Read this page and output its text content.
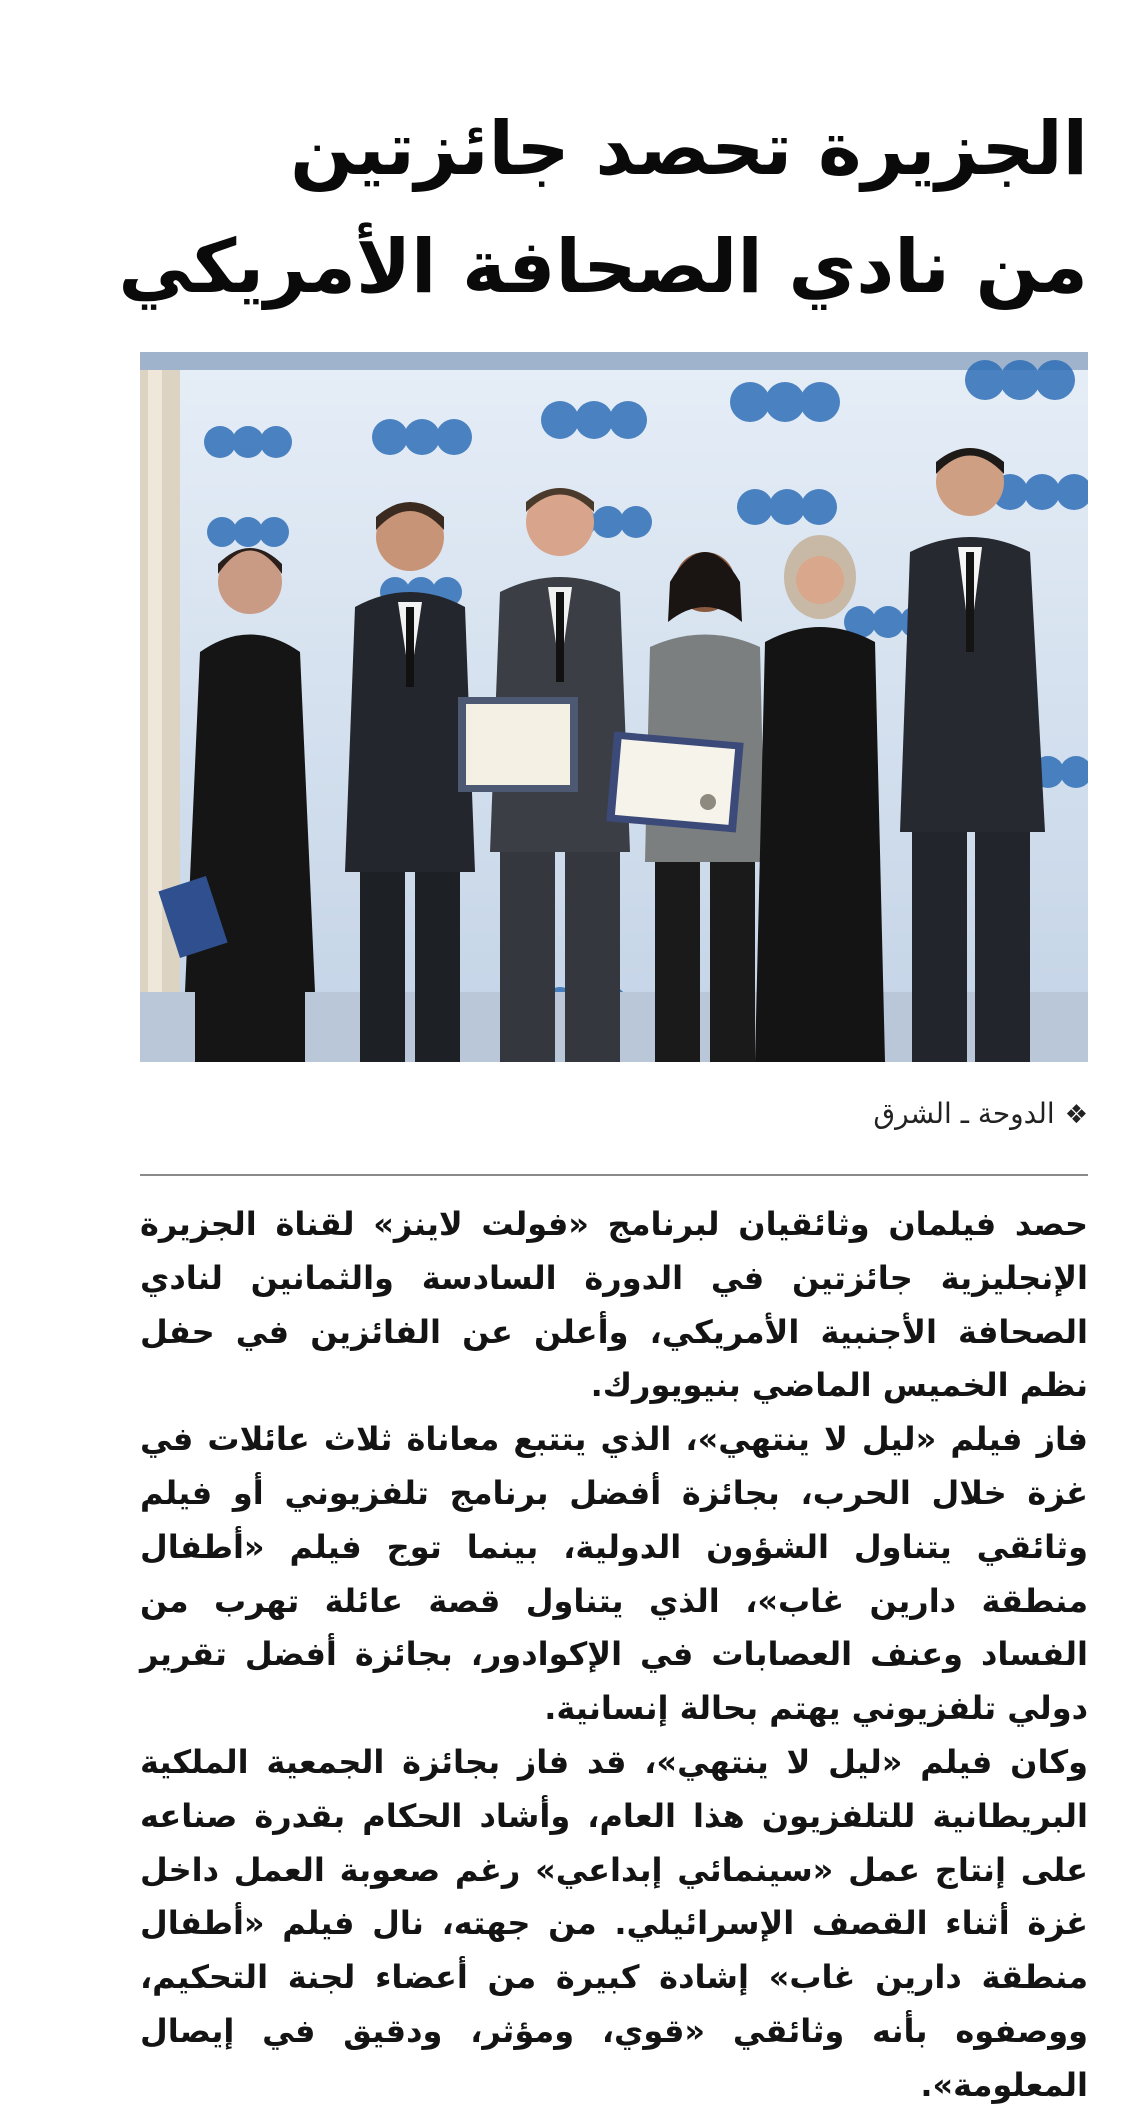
الجزيرة تحصد جائزتين
من نادي الصحافة الأمريكي
❖الدوحة ـ الشرق

حصد فيلمان وثائقيان لبرنامج «فولت لاينز» لقناة الجزيرة الإنجليزية جائزتين في الدورة السادسة والثمانين لنادي الصحافة الأجنبية الأمريكي، وأعلن عن الفائزين في حفل نظم الخميس الماضي بنيويورك.

فاز فيلم «ليل لا ينتهي»، الذي يتتبع معاناة ثلاث عائلات في غزة خلال الحرب، بجائزة أفضل برنامج تلفزيوني أو فيلم وثائقي يتناول الشؤون الدولية، بينما توج فيلم «أطفال منطقة دارين غاب»، الذي يتناول قصة عائلة تهرب من الفساد وعنف العصابات في الإكوادور، بجائزة أفضل تقرير دولي تلفزيوني يهتم بحالة إنسانية.

وكان فيلم «ليل لا ينتهي»، قد فاز بجائزة الجمعية الملكية البريطانية للتلفزيون هذا العام، وأشاد الحكام بقدرة صناعه على إنتاج عمل «سينمائي إبداعي» رغم صعوبة العمل داخل غزة أثناء القصف الإسرائيلي. من جهته، نال فيلم «أطفال منطقة دارين غاب» إشادة كبيرة من أعضاء لجنة التحكيم، ووصفوه بأنه وثائقي «قوي، ومؤثر، ودقيق في إيصال المعلومة».
